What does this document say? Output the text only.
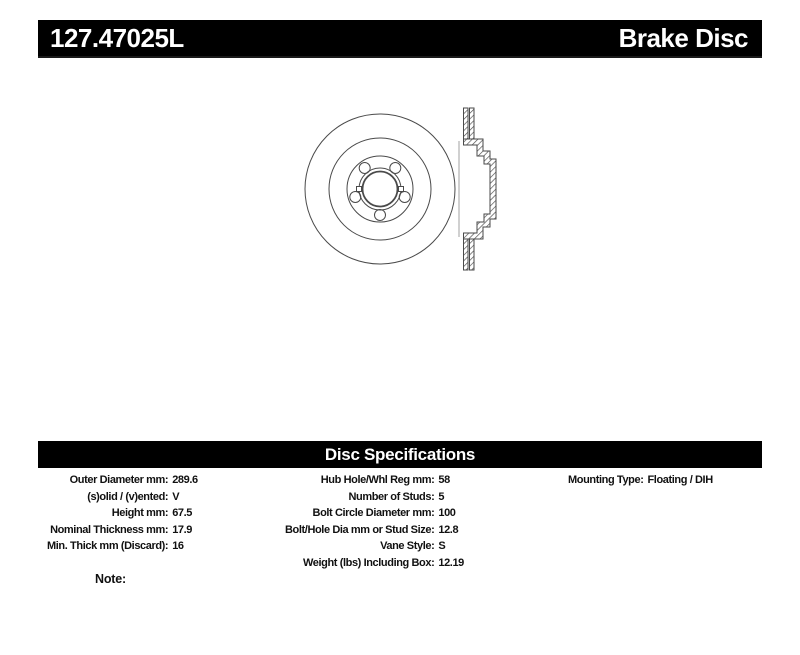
127.47025L	Brake Disc
Disc Specifications
Outer Diameter mm: 289.6
(s)olid / (v)ented: V
Height mm: 67.5
Nominal Thickness mm: 17.9
Min. Thick mm (Discard): 16
Hub Hole/Whl Reg mm: 58
Number of Studs: 5
Bolt Circle Diameter mm: 100
Bolt/Hole Dia mm or Stud Size: 12.8
Vane Style: S
Weight (lbs) Including Box: 12.19
Mounting Type: Floating / DIH
Note:
